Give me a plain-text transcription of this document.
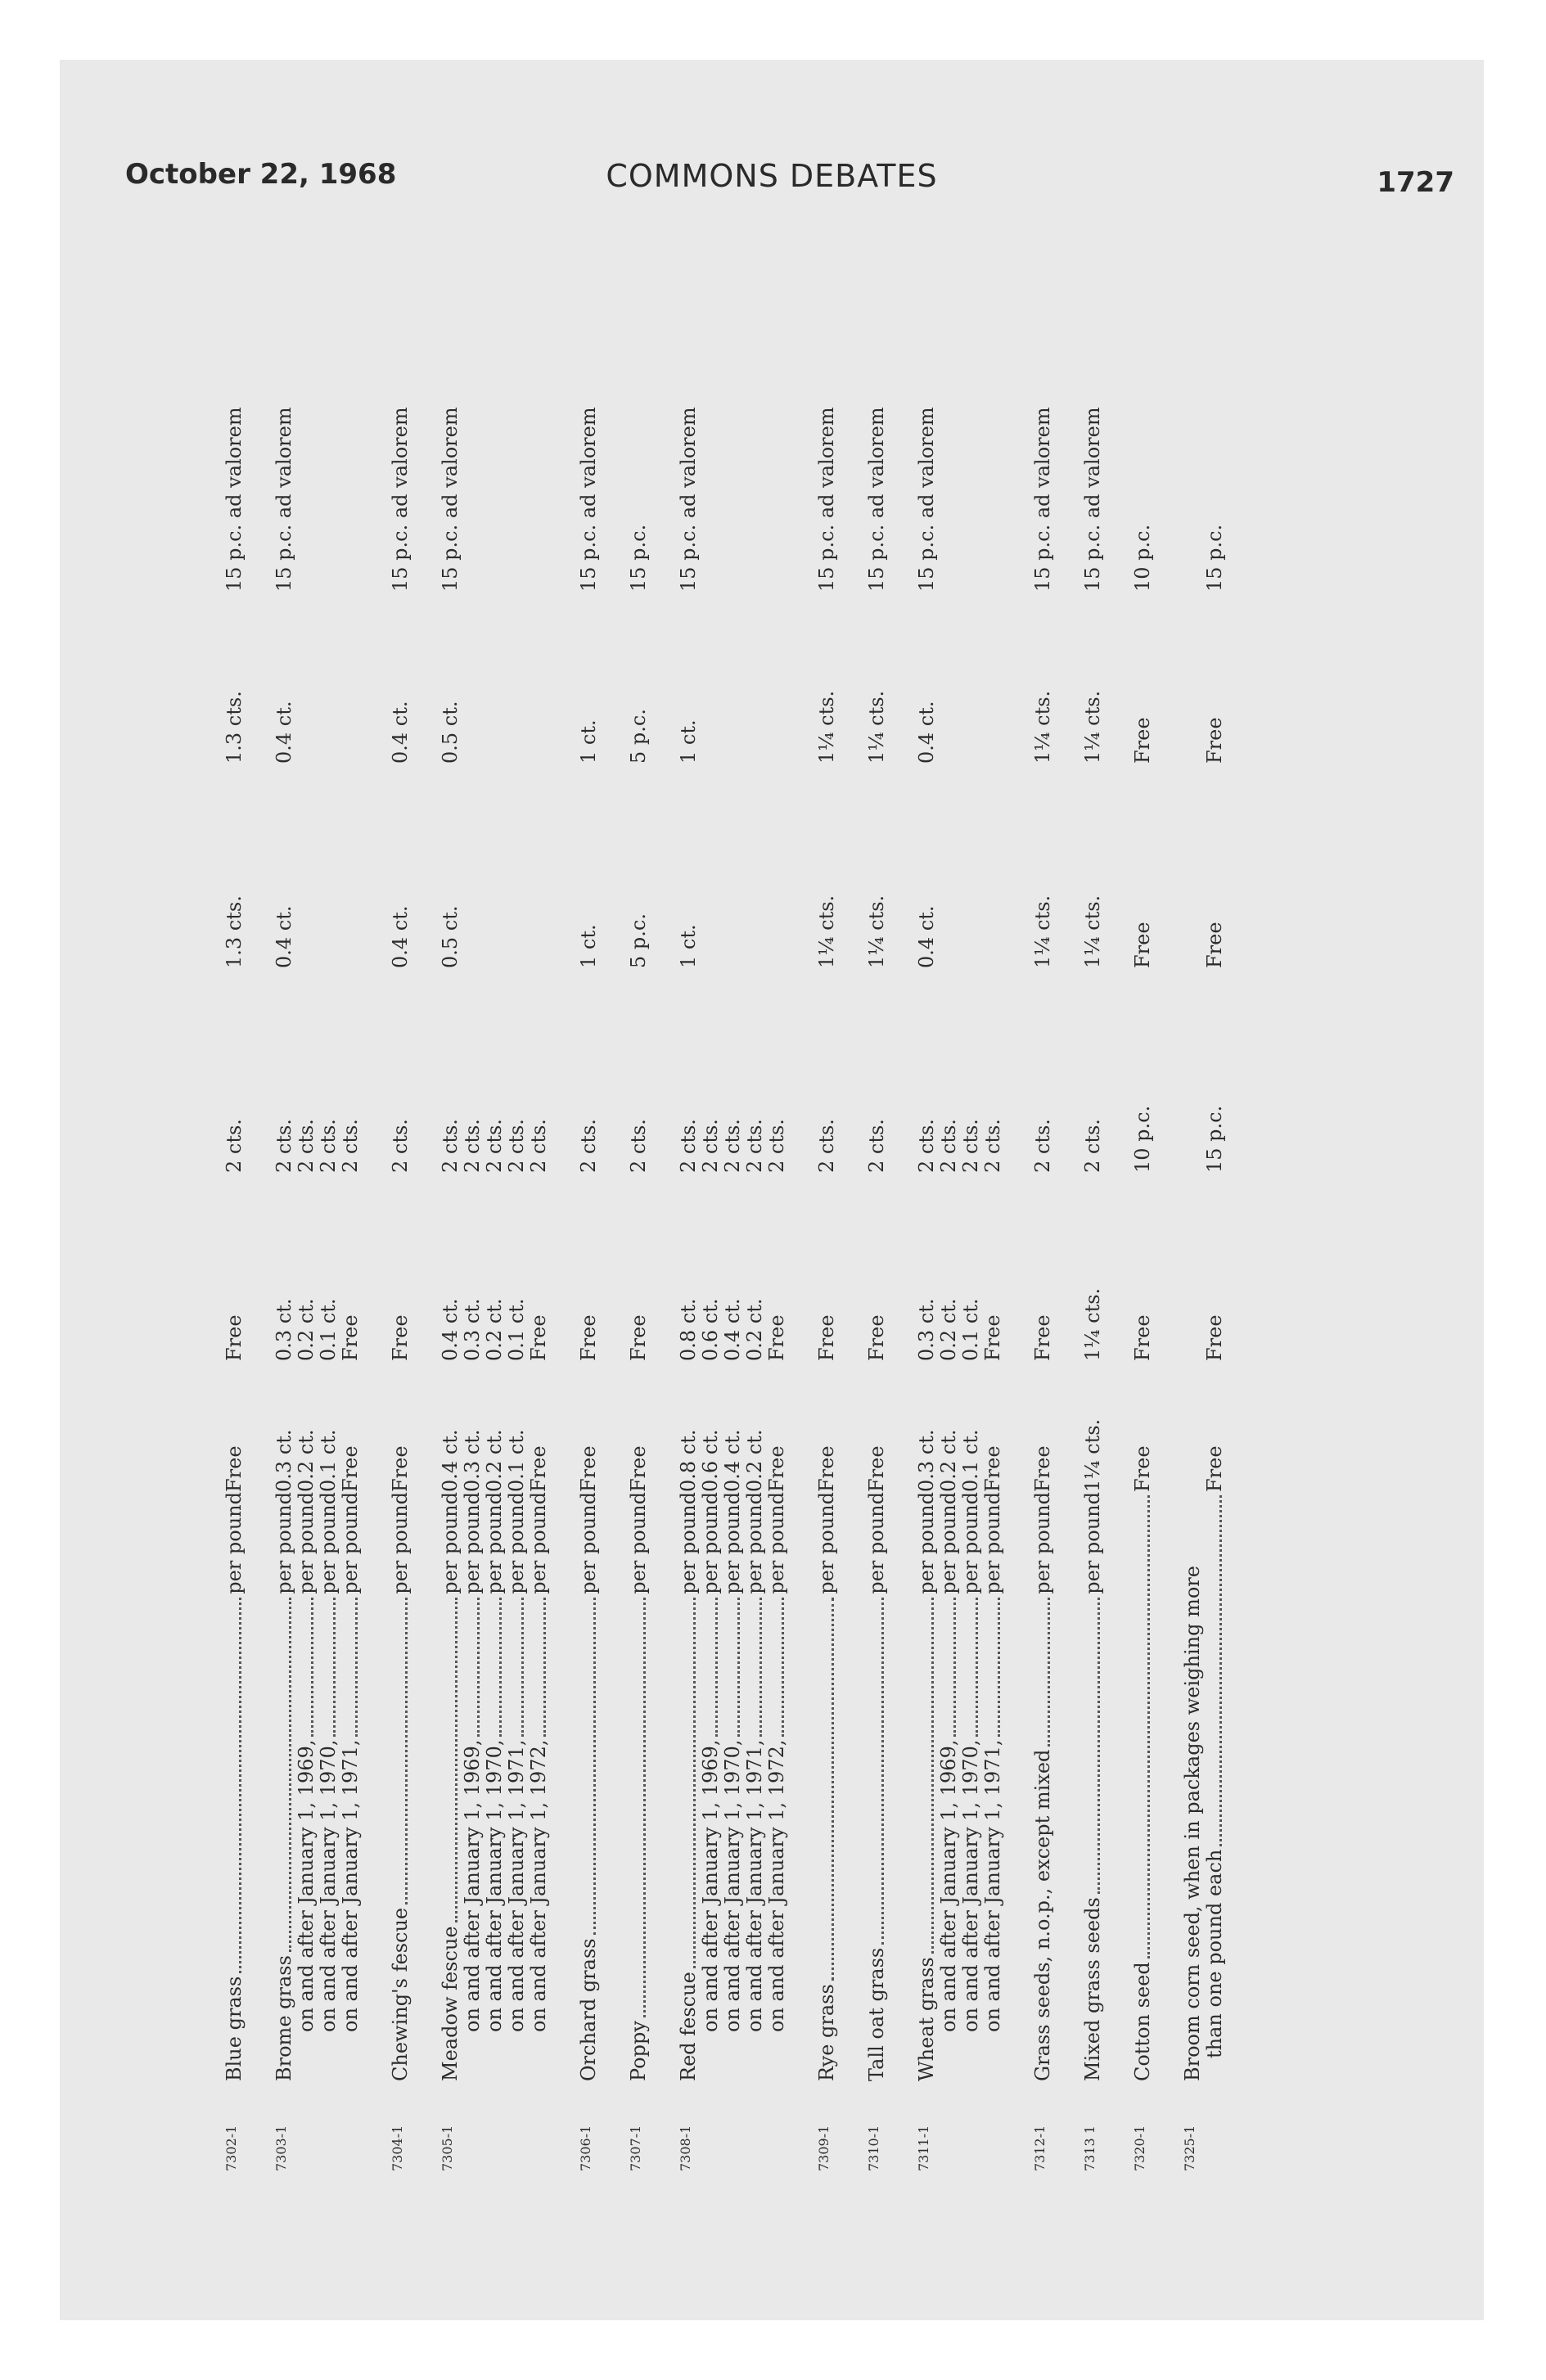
October 22, 1968	COMMONS DEBATES	1727
7302-1
Blue grass
per pound
Free
Free
2 cts.
1.3 cts.
1.3 cts.
15 p.c. ad valorem
7303-1
Brome grass
per pound
0.3 ct.
0.3 ct.
2 cts.
0.4 ct.
0.4 ct.
15 p.c. ad valorem
on and after January 1, 1969,
per pound
0.2 ct.
0.2 ct.
2 cts.
on and after January 1, 1970,
per pound
0.1 ct.
0.1 ct.
2 cts.
on and after January 1, 1971,
per pound
Free
Free
2 cts.
7304-1
Chewing's fescue
per pound
Free
Free
2 cts.
0.4 ct.
0.4 ct.
15 p.c. ad valorem
7305-1
Meadow fescue
per pound
0.4 ct.
0.4 ct.
2 cts.
0.5 ct.
0.5 ct.
15 p.c. ad valorem
on and after January 1, 1969,
per pound
0.3 ct.
0.3 ct.
2 cts.
on and after January 1, 1970,
per pound
0.2 ct.
0.2 ct.
2 cts.
on and after January 1, 1971,
per pound
0.1 ct.
0.1 ct.
2 cts.
on and after January 1, 1972,
per pound
Free
Free
2 cts.
7306-1
Orchard grass
per pound
Free
Free
2 cts.
1 ct.
1 ct.
15 p.c. ad valorem
7307-1
Poppy
per pound
Free
Free
2 cts.
5 p.c.
5 p.c.
15 p.c.
7308-1
Red fescue
per pound
0.8 ct.
0.8 ct.
2 cts.
1 ct.
1 ct.
15 p.c. ad valorem
on and after January 1, 1969,
per pound
0.6 ct.
0.6 ct.
2 cts.
on and after January 1, 1970,
per pound
0.4 ct.
0.4 ct.
2 cts.
on and after January 1, 1971,
per pound
0.2 ct.
0.2 ct.
2 cts.
on and after January 1, 1972,
per pound
Free
Free
2 cts.
7309-1
Rye grass
per pound
Free
Free
2 cts.
1¼ cts.
1¼ cts.
15 p.c. ad valorem
7310-1
Tall oat grass
per pound
Free
Free
2 cts.
1¼ cts.
1¼ cts.
15 p.c. ad valorem
7311-1
Wheat grass
per pound
0.3 ct.
0.3 ct.
2 cts.
0.4 ct.
0.4 ct.
15 p.c. ad valorem
on and after January 1, 1969,
per pound
0.2 ct.
0.2 ct.
2 cts.
on and after January 1, 1970,
per pound
0.1 ct.
0.1 ct.
2 cts.
on and after January 1, 1971,
per pound
Free
Free
2 cts.
7312-1
Grass seeds, n.o.p., except mixed
per pound
Free
Free
2 cts.
1¼ cts.
1¼ cts.
15 p.c. ad valorem
7313 1
Mixed grass seeds
per pound
1¼ cts.
1¼ cts.
2 cts.
1¼ cts.
1¼ cts.
15 p.c. ad valorem
7320-1
Cotton seed
Free
Free
10 p.c.
Free
Free
10 p.c.
7325-1
Broom corn seed, when in packages weighing more than one pound each
Free
Free
15 p.c.
Free
Free
15 p.c.
